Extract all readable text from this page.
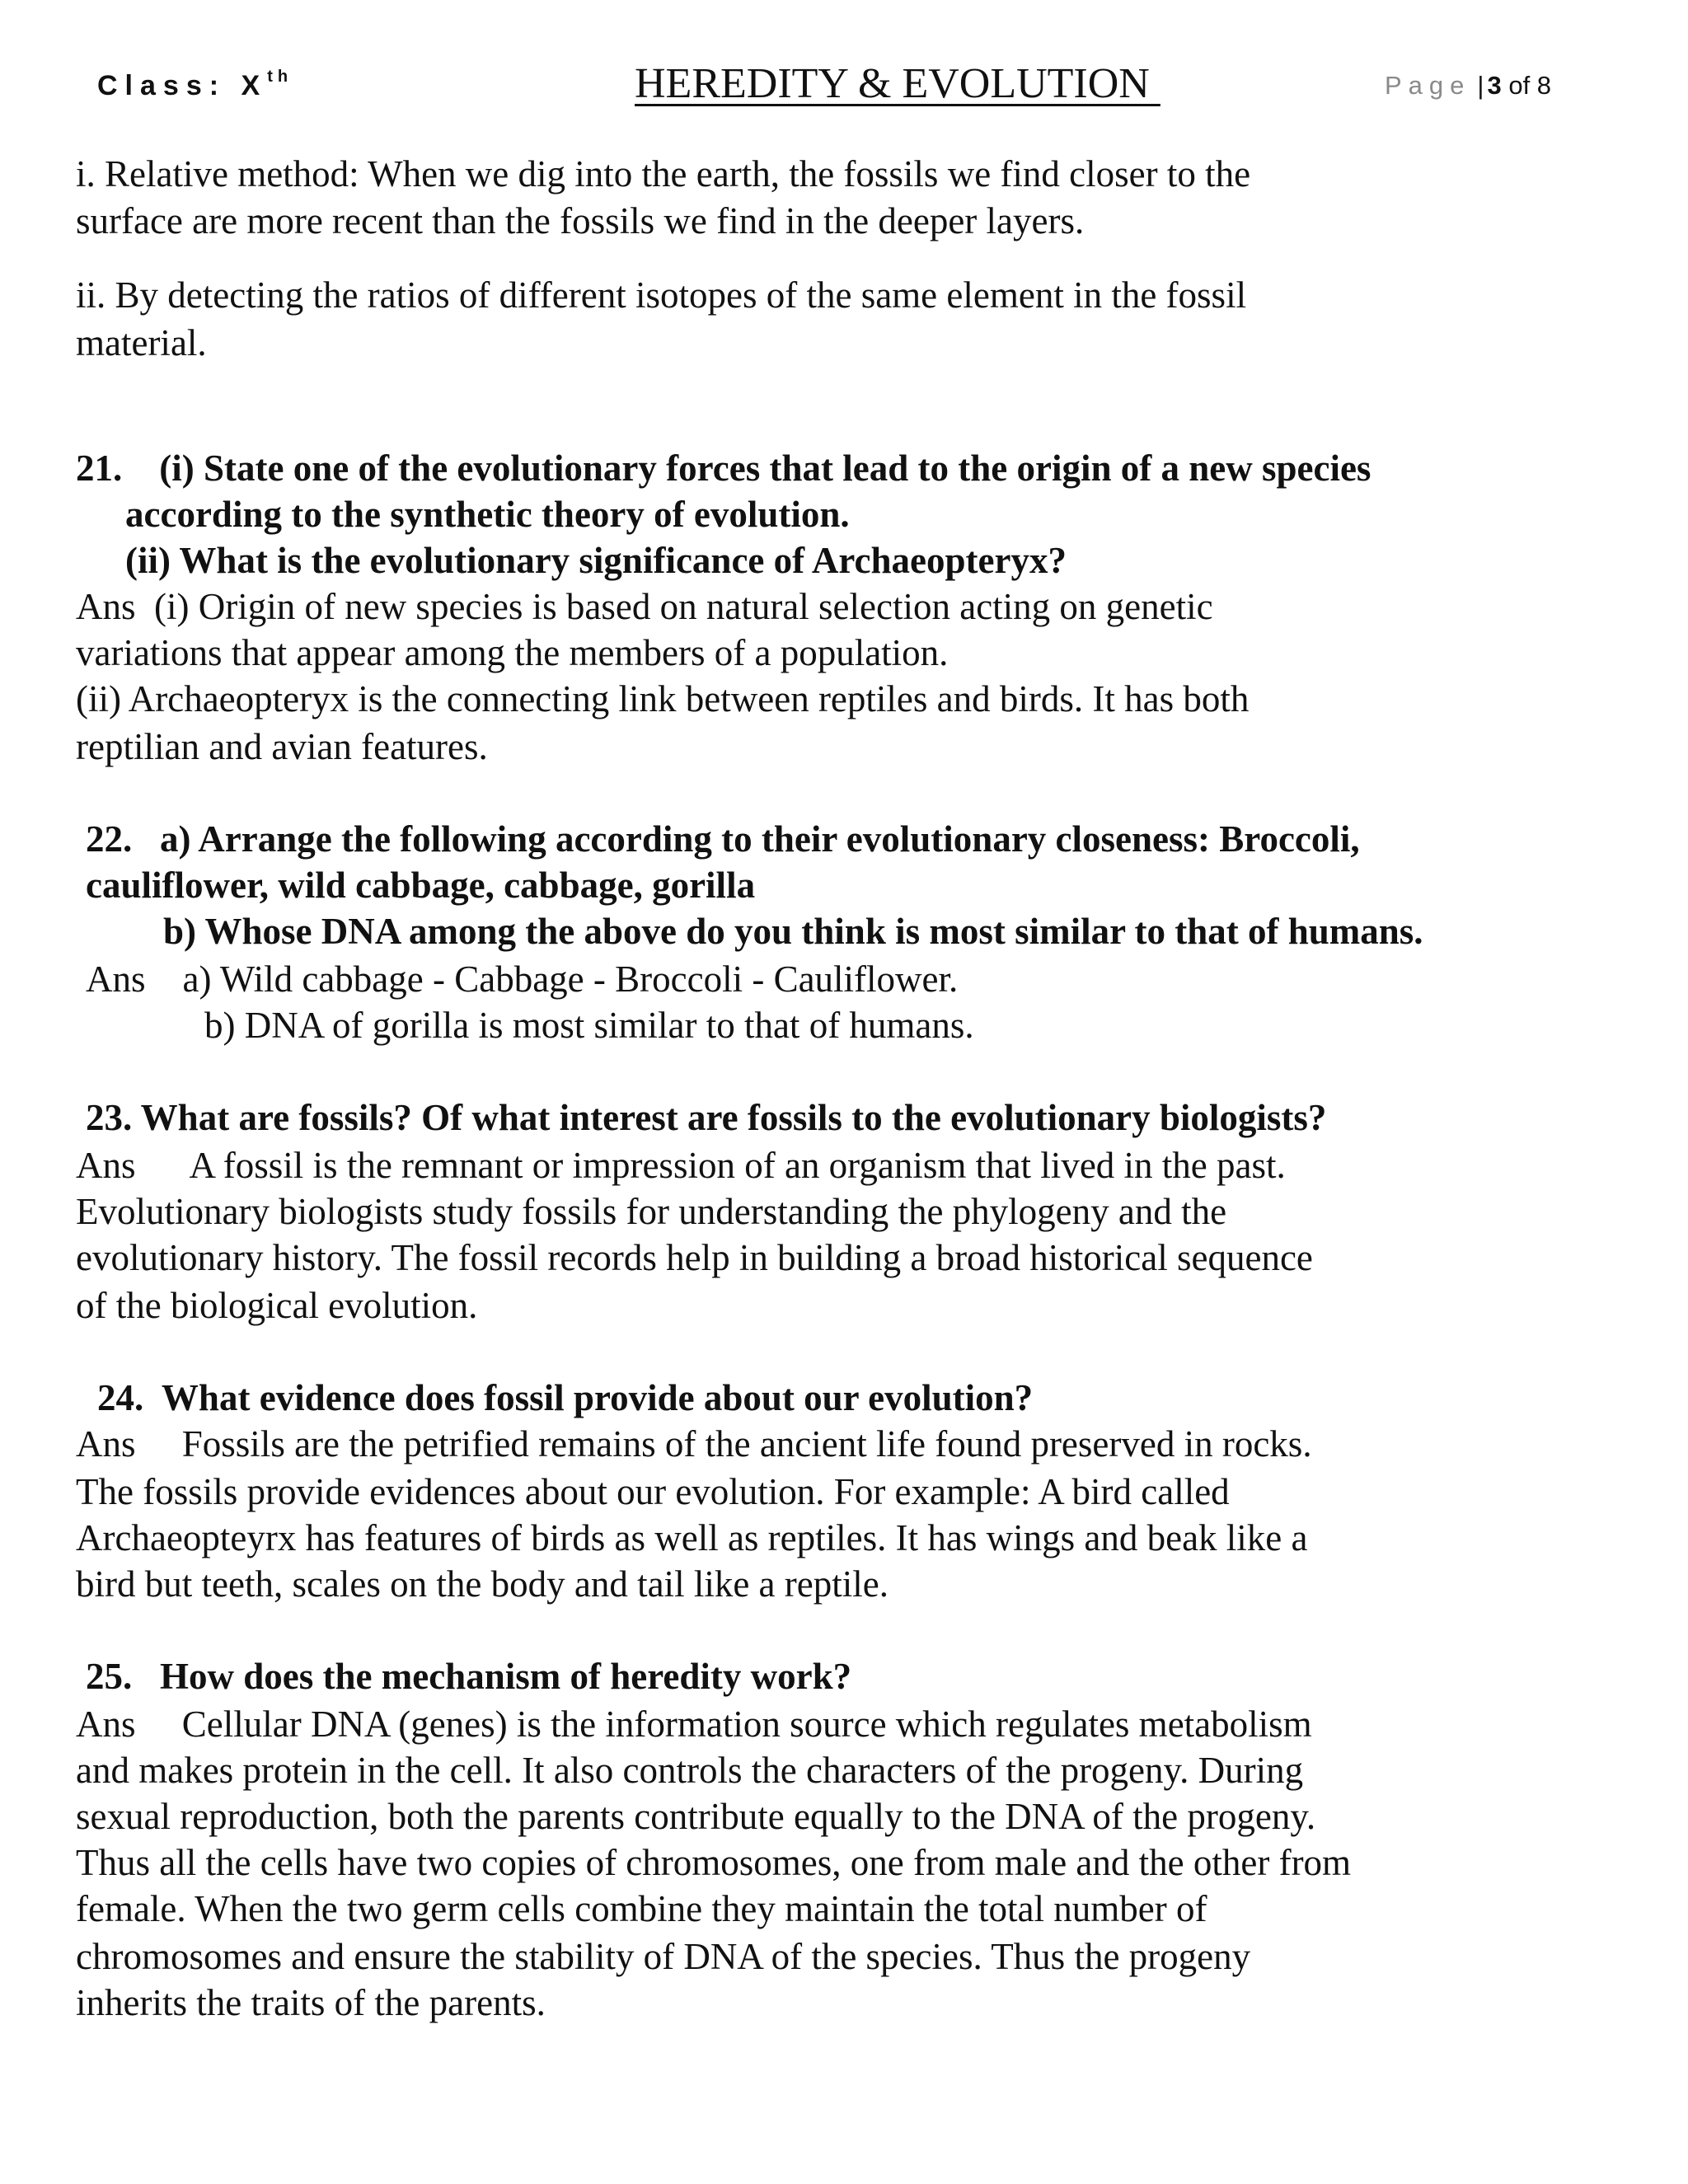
Class: Xth	HEREDITY & EVOLUTION	Page | 3 of 8
i. Relative method: When we dig into the earth, the fossils we find closer to the
surface are more recent than the fossils we find in the deeper layers.
ii. By detecting the ratios of different isotopes of the same element in the fossil
material.
21.    (i) State one of the evolutionary forces that lead to the origin of a new species
according to the synthetic theory of evolution.
(ii) What is the evolutionary significance of Archaeopteryx?
Ans  (i) Origin of new species is based on natural selection acting on genetic
variations that appear among the members of a population.
(ii) Archaeopteryx is the connecting link between reptiles and birds. It has both
reptilian and avian features.
22.   a) Arrange the following according to their evolutionary closeness: Broccoli,
cauliflower, wild cabbage, cabbage, gorilla
b) Whose DNA among the above do you think is most similar to that of humans.
Ans    a) Wild cabbage - Cabbage - Broccoli - Cauliflower.
b) DNA of gorilla is most similar to that of humans.
23. What are fossils? Of what interest are fossils to the evolutionary biologists?
Ans      A fossil is the remnant or impression of an organism that lived in the past.
Evolutionary biologists study fossils for understanding the phylogeny and the
evolutionary history. The fossil records help in building a broad historical sequence
of the biological evolution.
24.  What evidence does fossil provide about our evolution?
Ans     Fossils are the petrified remains of the ancient life found preserved in rocks.
The fossils provide evidences about our evolution. For example: A bird called
Archaeopteyrx has features of birds as well as reptiles. It has wings and beak like a
bird but teeth, scales on the body and tail like a reptile.
25.   How does the mechanism of heredity work?
Ans     Cellular DNA (genes) is the information source which regulates metabolism
and makes protein in the cell. It also controls the characters of the progeny. During
sexual reproduction, both the parents contribute equally to the DNA of the progeny.
Thus all the cells have two copies of chromosomes, one from male and the other from
female. When the two germ cells combine they maintain the total number of
chromosomes and ensure the stability of DNA of the species. Thus the progeny
inherits the traits of the parents.
